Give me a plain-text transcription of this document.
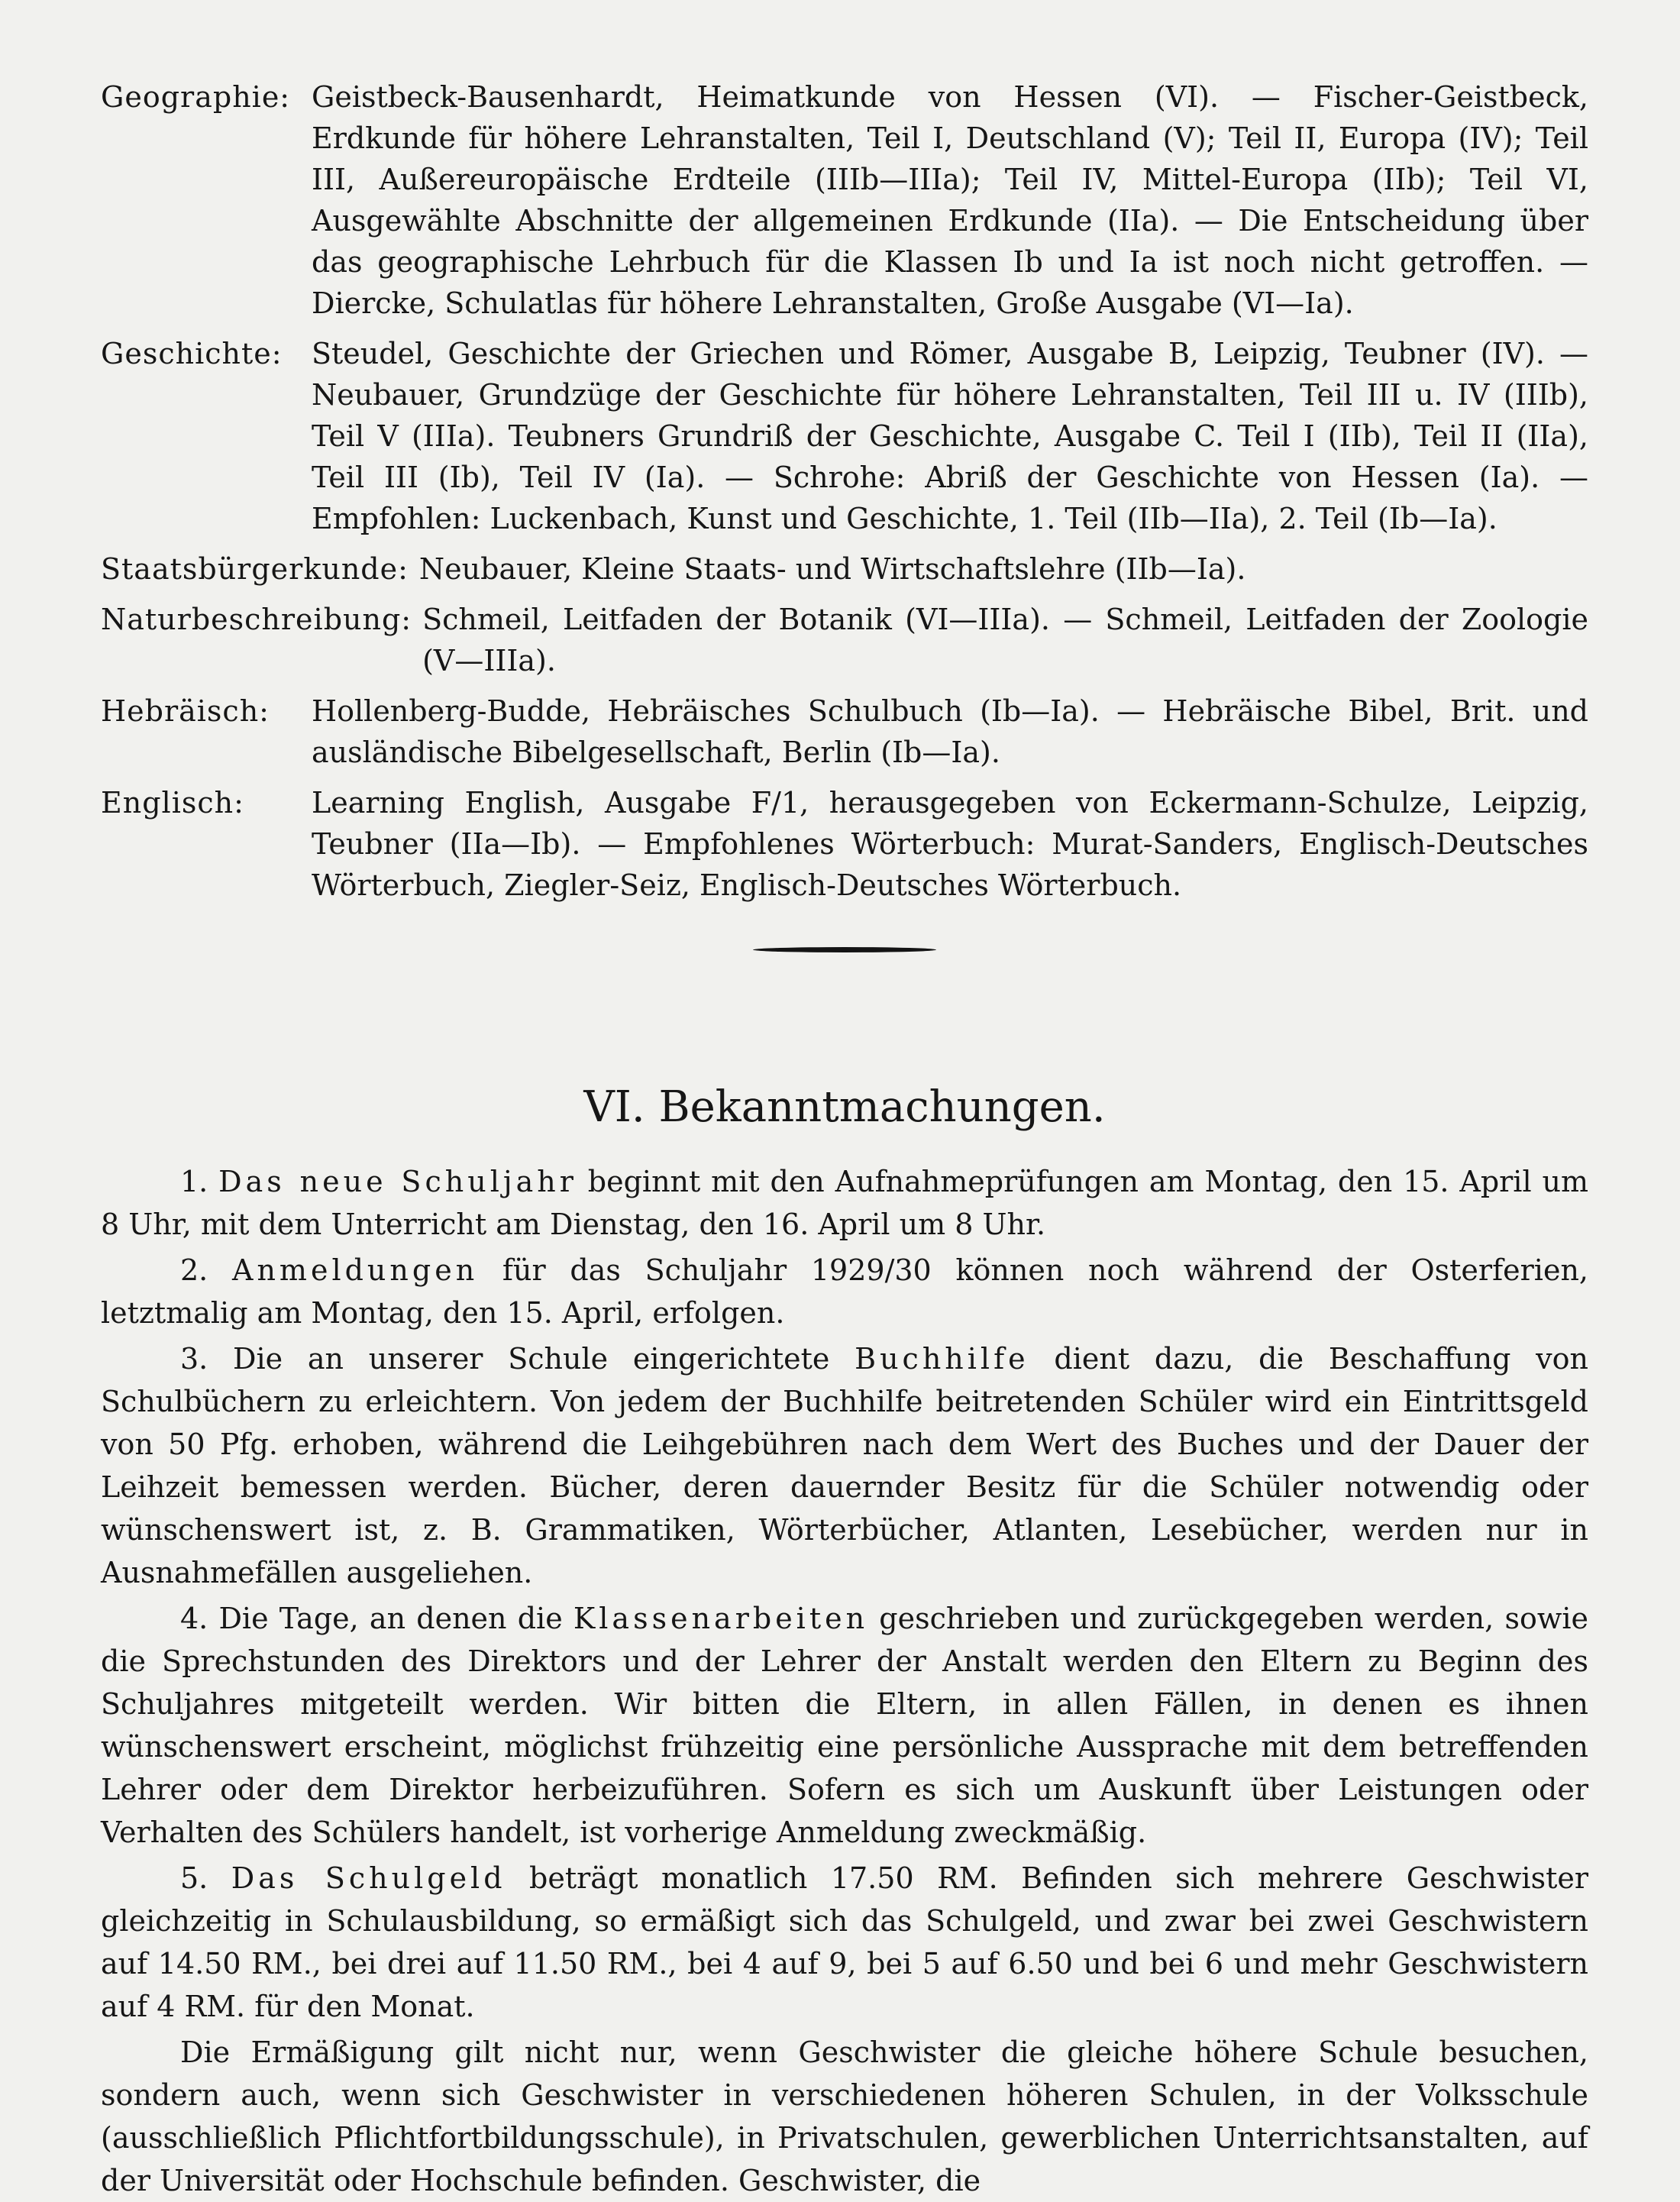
Geographie: Geistbeck-Bausenhardt, Heimatkunde von Hessen (VI). — Fischer-Geistbeck, Erdkunde für höhere Lehranstalten, Teil I, Deutschland (V); Teil II, Europa (IV); Teil III, Außereuropäische Erdteile (IIIb—IIIa); Teil IV, Mittel-Europa (IIb); Teil VI, Ausgewählte Abschnitte der allgemeinen Erdkunde (IIa). — Die Entscheidung über das geographische Lehrbuch für die Klassen Ib und Ia ist noch nicht getroffen. — Diercke, Schulatlas für höhere Lehranstalten, Große Ausgabe (VI—Ia).
Geschichte:	Steudel, Geschichte der Griechen und Römer, Ausgabe B, Leipzig, Teubner (IV). — Neubauer, Grundzüge der Geschichte für höhere Lehranstalten, Teil III u. IV (IIIb), Teil V (IIIa). Teubners Grundriß der Geschichte, Ausgabe C. Teil I (IIb), Teil II (IIa), Teil III (Ib), Teil IV (Ia). — Schrohe: Abriß der Geschichte von Hessen (Ia). — Empfohlen: Luckenbach, Kunst und Geschichte, 1. Teil (IIb—IIa), 2. Teil (Ib—Ia).
Staatsbürgerkunde: Neubauer, Kleine Staats- und Wirtschaftslehre (IIb—Ia).
Naturbeschreibung: Schmeil, Leitfaden der Botanik (VI—IIIa). — Schmeil, Leitfaden der Zoologie (V—IIIa).
Hebräisch:	Hollenberg-Budde, Hebräisches Schulbuch (Ib—Ia). — Hebräische Bibel, Brit. und ausländische Bibelgesellschaft, Berlin (Ib—Ia).
Englisch:	Learning English, Ausgabe F/1, herausgegeben von Eckermann-Schulze, Leipzig, Teubner (IIa—Ib). — Empfohlenes Wörterbuch: Murat-Sanders, Englisch-Deutsches Wörterbuch, Ziegler-Seiz, Englisch-Deutsches Wörterbuch.
VI. Bekanntmachungen.

1. Das neue Schuljahr beginnt mit den Aufnahmeprüfungen am Montag, den 15. April um 8 Uhr, mit dem Unterricht am Dienstag, den 16. April um 8 Uhr.

2. Anmeldungen für das Schuljahr 1929/30 können noch während der Osterferien, letztmalig am Montag, den 15. April, erfolgen.

3. Die an unserer Schule eingerichtete Buchhilfe dient dazu, die Beschaffung von Schulbüchern zu erleichtern. Von jedem der Buchhilfe beitretenden Schüler wird ein Eintrittsgeld von 50 Pfg. erhoben, während die Leihgebühren nach dem Wert des Buches und der Dauer der Leihzeit bemessen werden. Bücher, deren dauernder Besitz für die Schüler notwendig oder wünschenswert ist, z. B. Grammatiken, Wörterbücher, Atlanten, Lesebücher, werden nur in Ausnahmefällen ausgeliehen.

4. Die Tage, an denen die Klassenarbeiten geschrieben und zurückgegeben werden, sowie die Sprechstunden des Direktors und der Lehrer der Anstalt werden den Eltern zu Beginn des Schuljahres mitgeteilt werden. Wir bitten die Eltern, in allen Fällen, in denen es ihnen wünschenswert erscheint, möglichst frühzeitig eine persönliche Aussprache mit dem betreffenden Lehrer oder dem Direktor herbeizuführen. Sofern es sich um Auskunft über Leistungen oder Verhalten des Schülers handelt, ist vorherige Anmeldung zweckmäßig.

5. Das Schulgeld beträgt monatlich 17.50 RM. Befinden sich mehrere Geschwister gleichzeitig in Schulausbildung, so ermäßigt sich das Schulgeld, und zwar bei zwei Geschwistern auf 14.50 RM., bei drei auf 11.50 RM., bei 4 auf 9, bei 5 auf 6.50 und bei 6 und mehr Geschwistern auf 4 RM. für den Monat.

Die Ermäßigung gilt nicht nur, wenn Geschwister die gleiche höhere Schule besuchen, sondern auch, wenn sich Geschwister in verschiedenen höheren Schulen, in der Volksschule (ausschließlich Pflichtfortbildungsschule), in Privatschulen, gewerblichen Unterrichtsanstalten, auf der Universität oder Hochschule befinden. Geschwister, die
